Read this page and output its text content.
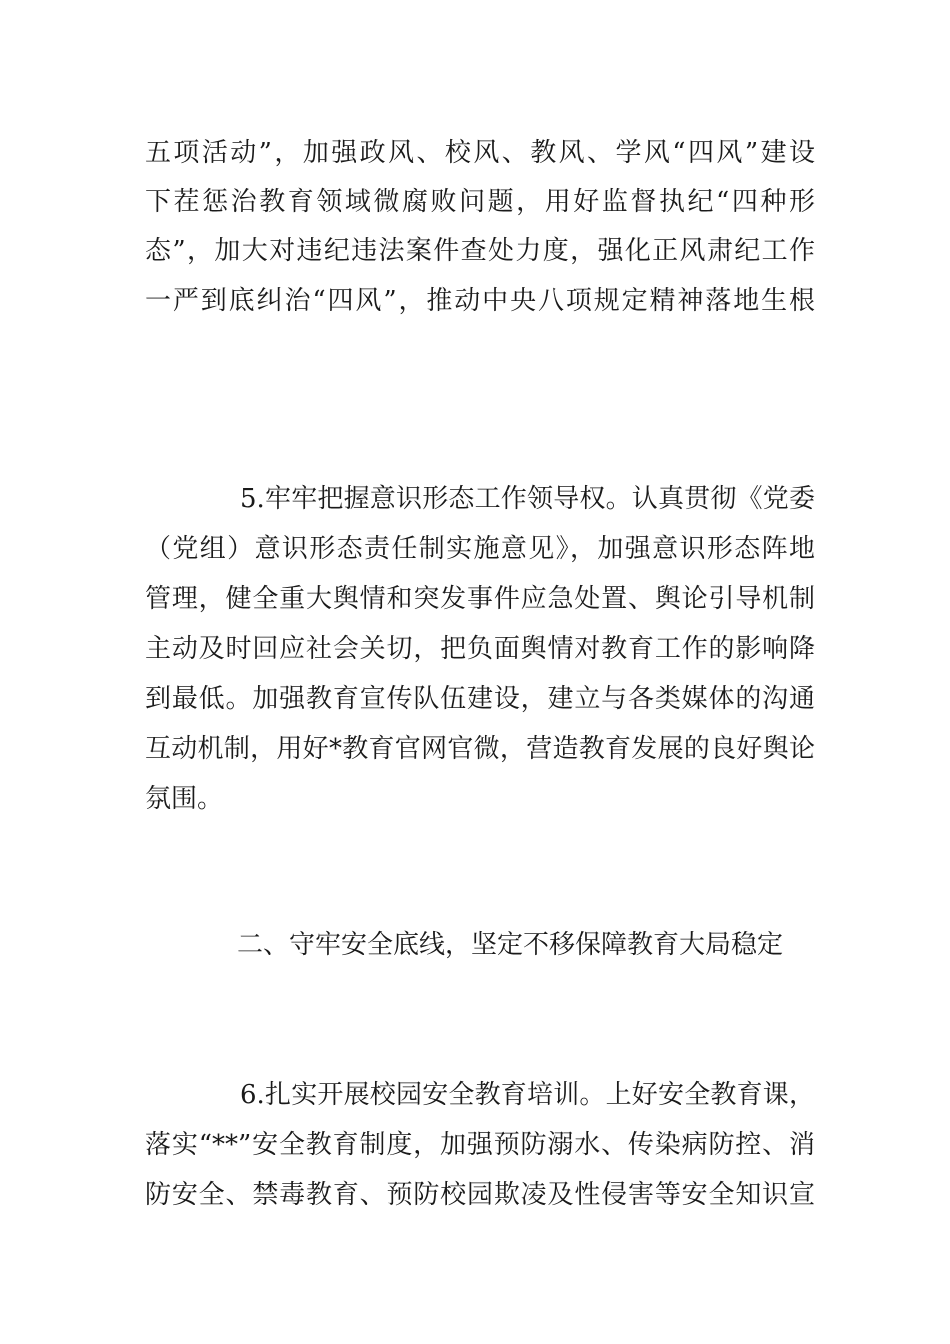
五项活动”，加强政风、校风、教风、学风“四风”建设
下茬惩治教育领域微腐败问题，用好监督执纪“四种形
态”，加大对违纪违法案件查处力度，强化正风肃纪工作
一严到底纠治“四风”，推动中央八项规定精神落地生根
5.牢牢把握意识形态工作领导权。认真贯彻《党委
（党组）意识形态责任制实施意见》，加强意识形态阵地
管理，健全重大舆情和突发事件应急处置、舆论引导机制
主动及时回应社会关切，把负面舆情对教育工作的影响降
到最低。加强教育宣传队伍建设，建立与各类媒体的沟通
互动机制，用好*教育官网官微，营造教育发展的良好舆论
氛围。
二、守牢安全底线，坚定不移保障教育大局稳定
6.扎实开展校园安全教育培训。上好安全教育课，
落实“**”安全教育制度，加强预防溺水、传染病防控、消
防安全、禁毒教育、预防校园欺凌及性侵害等安全知识宣
